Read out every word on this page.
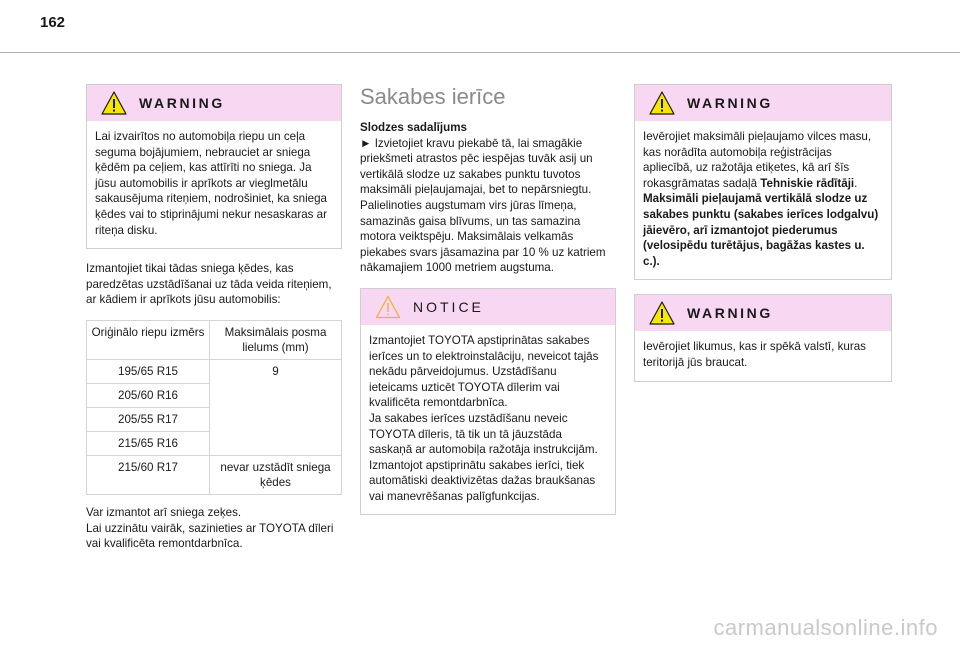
162
WARNING
Lai izvairītos no automobiļa riepu un ceļa seguma bojājumiem, nebrauciet ar sniega ķēdēm pa ceļiem, kas attīrīti no sniega. Ja jūsu automobilis ir aprīkots ar vieglmetālu sakausējuma riteņiem, nodrošiniet, ka sniega ķēdes vai to stiprinājumi nekur nesaskaras ar riteņa disku.

Izmantojiet tikai tādas sniega ķēdes, kas paredzētas uzstādīšanai uz tāda veida riteņiem, ar kādiem ir aprīkots jūsu automobilis:

Oriģinālo riepu izmērs	Maksimālais posma lielums (mm)
195/65 R15	9
205/60 R16	
205/55 R17	
215/65 R16	
215/60 R17	nevar uzstādīt sniega ķēdes

Var izmantot arī sniega zeķes.
Lai uzzinātu vairāk, sazinieties ar TOYOTA dīleri vai kvalificēta remontdarbnīca.

Sakabes ierīce

Slodzes sadalījums

► Izvietojiet kravu piekabē tā, lai smagākie priekšmeti atrastos pēc iespējas tuvāk asij un vertikālā slodze uz sakabes punktu tuvotos maksimāli pieļaujamajai, bet to nepārsniegtu.
Palielinoties augstumam virs jūras līmeņa, samazinās gaisa blīvums, un tas samazina motora veiktspēju. Maksimālais velkamās piekabes svars jāsamazina par 10 % uz katriem nākamajiem 1000 metriem augstuma.

NOTICE
Izmantojiet TOYOTA apstiprinātas sakabes ierīces un to elektroinstalāciju, neveicot tajās nekādu pārveidojumus. Uzstādīšanu ieteicams uzticēt TOYOTA dīlerim vai kvalificēta remontdarbnīca.
Ja sakabes ierīces uzstādīšanu neveic TOYOTA dīleris, tā tik un tā jāuzstāda saskaņā ar automobiļa ražotāja instrukcijām.
Izmantojot apstiprinātu sakabes ierīci, tiek automātiski deaktivizētas dažas braukšanas vai manevrēšanas palīgfunkcijas.
WARNING
Ievērojiet maksimāli pieļaujamo vilces masu, kas norādīta automobiļa reģistrācijas apliecībā, uz ražotāja etiķetes, kā arī šīs rokasgrāmatas sadaļā Tehniskie rādītāji.
Maksimāli pieļaujamā vertikālā slodze uz sakabes punktu (sakabes ierīces lodgalvu) jāievēro, arī izmantojot piederumus (velosipēdu turētājus, bagāžas kastes u. c.).
WARNING
Ievērojiet likumus, kas ir spēkā valstī, kuras teritorijā jūs braucat.
carmanualsonline.info
